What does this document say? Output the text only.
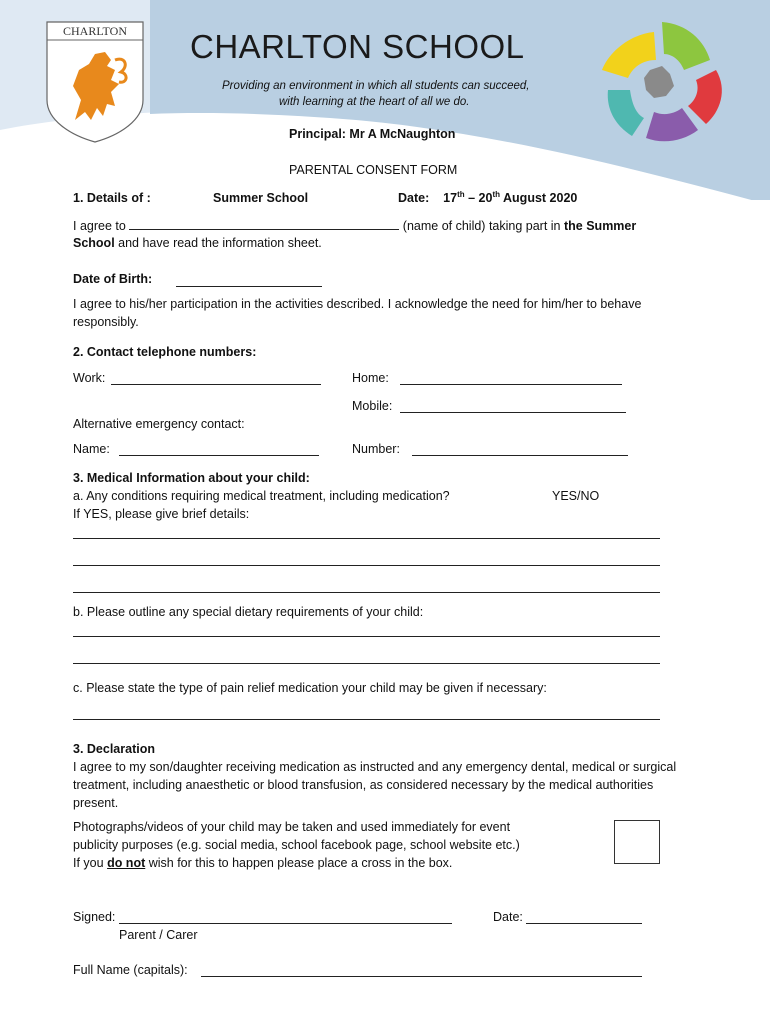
CHARLTON CHARLTON SCHOOL
Providing an environment in which all students can succeed,
with learning at the heart of all we do.
Principal: Mr A McNaughton
PARENTAL CONSENT FORM
1. Details of :	Summer School	Date: 17th – 20th August 2020
I agree to	(name of child) taking part in the Summer
School and have read the information sheet.
Date of Birth:
I agree to his/her participation in the activities described. I acknowledge the need for him/her to behave responsibly.
2. Contact telephone numbers:
Work:	Home:
Mobile:
Alternative emergency contact:
Name:	Number:
3. Medical Information about your child:
a. Any conditions requiring medical treatment, including medication?	YES/NO
If YES, please give brief details:
b. Please outline any special dietary requirements of your child:
c. Please state the type of pain relief medication your child may be given if necessary:
3. Declaration
I agree to my son/daughter receiving medication as instructed and any emergency dental, medical or surgical treatment, including anaesthetic or blood transfusion, as considered necessary by the medical authorities present.
Photographs/videos of your child may be taken and used immediately for event
publicity purposes (e.g. social media, school facebook page, school website etc.)
If you do not wish for this to happen please place a cross in the box.
Signed:
Parent / Carer
Date:
Full Name (capitals):
